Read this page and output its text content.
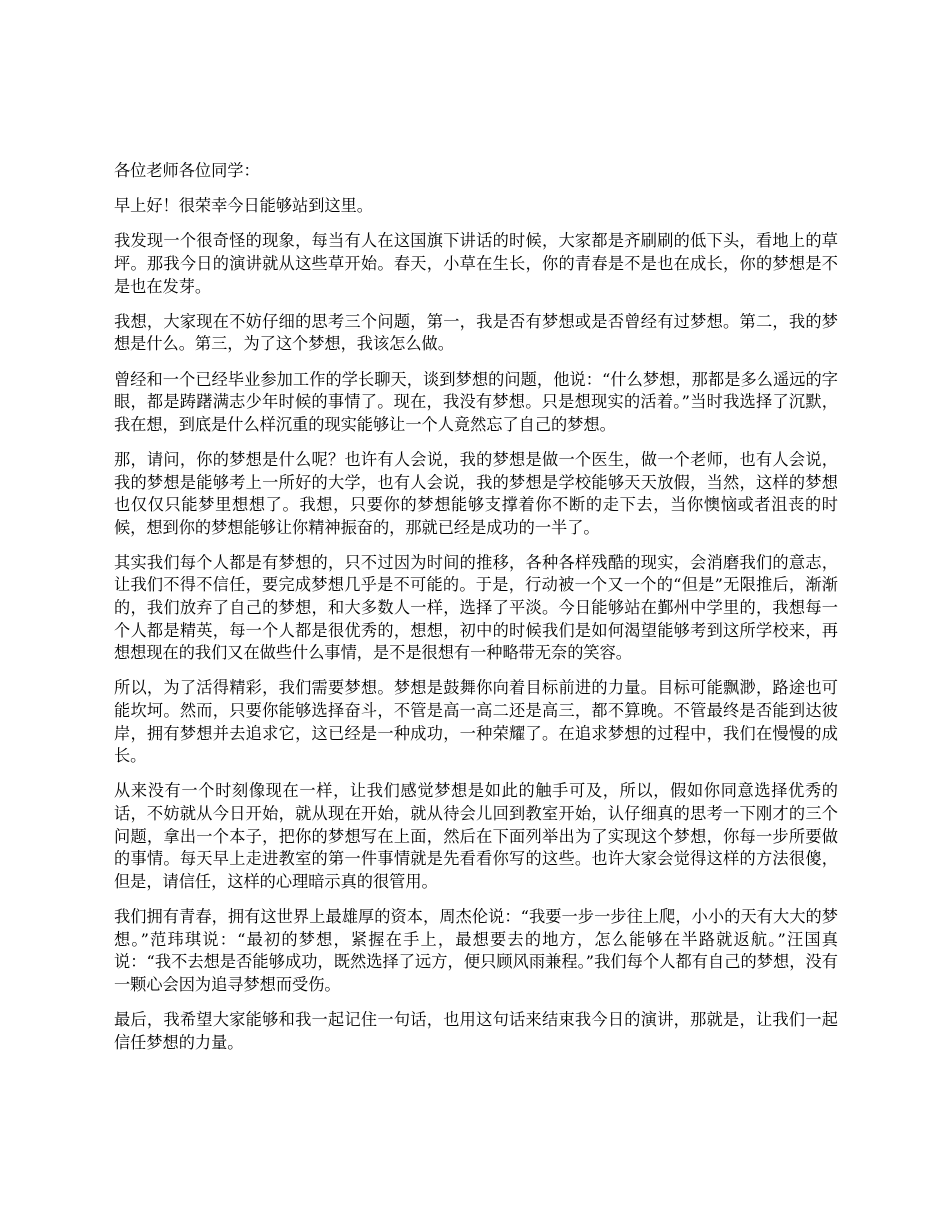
各位老师各位同学：

早上好！很荣幸今日能够站到这里。

我发现一个很奇怪的现象，每当有人在这国旗下讲话的时候，大家都是齐刷刷的低下头，看地上的草坪。那我今日的演讲就从这些草开始。春天，小草在生长，你的青春是不是也在成长，你的梦想是不是也在发芽。

我想，大家现在不妨仔细的思考三个问题，第一，我是否有梦想或是否曾经有过梦想。第二，我的梦想是什么。第三，为了这个梦想，我该怎么做。

曾经和一个已经毕业参加工作的学长聊天，谈到梦想的问题，他说：“什么梦想，那都是多么遥远的字眼，都是踌躇满志少年时候的事情了。现在，我没有梦想。只是想现实的活着。”当时我选择了沉默，我在想，到底是什么样沉重的现实能够让一个人竟然忘了自己的梦想。

那，请问，你的梦想是什么呢？也许有人会说，我的梦想是做一个医生，做一个老师，也有人会说，我的梦想是能够考上一所好的大学，也有人会说，我的梦想是学校能够天天放假，当然，这样的梦想也仅仅只能梦里想想了。我想，只要你的梦想能够支撑着你不断的走下去，当你懊恼或者沮丧的时候，想到你的梦想能够让你精神振奋的，那就已经是成功的一半了。

其实我们每个人都是有梦想的，只不过因为时间的推移，各种各样残酷的现实，会消磨我们的意志，让我们不得不信任，要完成梦想几乎是不可能的。于是，行动被一个又一个的“但是”无限推后，渐渐的，我们放弃了自己的梦想，和大多数人一样，选择了平淡。今日能够站在鄞州中学里的，我想每一个人都是精英，每一个人都是很优秀的，想想，初中的时候我们是如何渴望能够考到这所学校来，再想想现在的我们又在做些什么事情，是不是很想有一种略带无奈的笑容。

所以，为了活得精彩，我们需要梦想。梦想是鼓舞你向着目标前进的力量。目标可能飘渺，路途也可能坎坷。然而，只要你能够选择奋斗，不管是高一高二还是高三，都不算晚。不管最终是否能到达彼岸，拥有梦想并去追求它，这已经是一种成功，一种荣耀了。在追求梦想的过程中，我们在慢慢的成长。

从来没有一个时刻像现在一样，让我们感觉梦想是如此的触手可及，所以，假如你同意选择优秀的话，不妨就从今日开始，就从现在开始，就从待会儿回到教室开始，认仔细真的思考一下刚才的三个问题，拿出一个本子，把你的梦想写在上面，然后在下面列举出为了实现这个梦想，你每一步所要做的事情。每天早上走进教室的第一件事情就是先看看你写的这些。也许大家会觉得这样的方法很傻，但是，请信任，这样的心理暗示真的很管用。

我们拥有青春，拥有这世界上最雄厚的资本，周杰伦说：“我要一步一步往上爬，小小的天有大大的梦想。”范玮琪说：“最初的梦想，紧握在手上，最想要去的地方，怎么能够在半路就返航。”汪国真说：“我不去想是否能够成功，既然选择了远方，便只顾风雨兼程。”我们每个人都有自己的梦想，没有一颗心会因为追寻梦想而受伤。

最后，我希望大家能够和我一起记住一句话，也用这句话来结束我今日的演讲，那就是，让我们一起信任梦想的力量。
